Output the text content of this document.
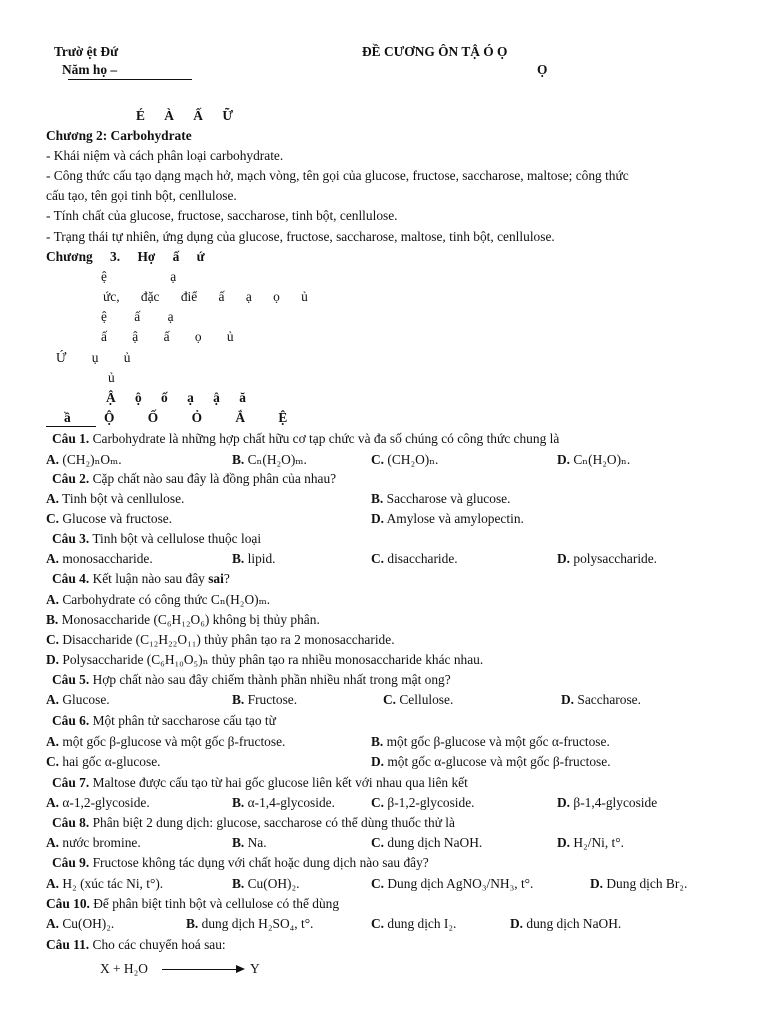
Trườ ệt Đứ
Năm họ –
ĐỀ CƯƠNG ÔN TẬ Ó Ọ
Ọ
É À Ấ Ữ
Chương 2: Carbohydrate
- Khái niệm và cách phân loại carbohydrate.
- Công thức cấu tạo dạng mạch hở, mạch vòng, tên gọi của glucose, fructose, saccharose, maltose; công thức
cấu tạo, tên gọi tinh bột, cenllulose.
- Tính chất của glucose, fructose, saccharose, tinh bột, cenllulose.
- Trạng thái tự nhiên, ứng dụng của glucose, fructose, saccharose, maltose, tinh bột, cenllulose.
Chương 3. Hợ ấ ứ
ệ ạ
ức, đặc điể ấ ạ ọ ủ
ệ ấ ạ
ấ ậ ấ ọ ủ
Ứ ụ ủ
ủ
Ậ ộ ố ạ ậ ă
ầ Ộ Ố Ỏ Ắ Ệ
Câu 1. Carbohydrate là những hợp chất hữu cơ tạp chức và đa số chúng có công thức chung là
A. (CH₂)ₙOₘ.	B. Cₙ(H₂O)ₘ.	C. (CH₂O)ₙ.	D. Cₙ(H₂O)ₙ.
Câu 2. Cặp chất nào sau đây là đồng phân của nhau?
A. Tinh bột và cenllulose.	B. Saccharose và glucose.
C. Glucose và fructose.	D. Amylose và amylopectin.
Câu 3. Tinh bột và cellulose thuộc loại
A. monosaccharide.	B. lipid.	C. disaccharide.	D. polysaccharide.
Câu 4. Kết luận nào sau đây sai?
A. Carbohydrate có công thức Cₙ(H₂O)ₘ.
B. Monosaccharide (C₆H₁₂O₆) không bị thủy phân.
C. Disaccharide (C₁₂H₂₂O₁₁) thủy phân tạo ra 2 monosaccharide.
D. Polysaccharide (C₆H₁₀O₅)ₙ thủy phân tạo ra nhiều monosaccharide khác nhau.
Câu 5. Hợp chất nào sau đây chiếm thành phần nhiều nhất trong mật ong?
A. Glucose.	B. Fructose.	C. Cellulose.	D. Saccharose.
Câu 6. Một phân tử saccharose cấu tạo từ
A. một gốc β-glucose và một gốc β-fructose.	B. một gốc β-glucose và một gốc α-fructose.
C. hai gốc α-glucose.	D. một gốc α-glucose và một gốc β-fructose.
Câu 7. Maltose được cấu tạo từ hai gốc glucose liên kết với nhau qua liên kết
A. α-1,2-glycoside.	B. α-1,4-glycoside.	C. β-1,2-glycoside.	D. β-1,4-glycoside
Câu 8. Phân biệt 2 dung dịch: glucose, saccharose có thể dùng thuốc thử là
A. nước bromine.	B. Na.	C. dung dịch NaOH.	D. H₂/Ni, t°.
Câu 9. Fructose không tác dụng với chất hoặc dung dịch nào sau đây?
A. H₂ (xúc tác Ni, t°).	B. Cu(OH)₂.	C. Dung dịch AgNO₃/NH₃, t°.	D. Dung dịch Br₂.
Câu 10. Để phân biệt tinh bột và cellulose có thể dùng
A. Cu(OH)₂.	B. dung dịch H₂SO₄, t°.	C. dung dịch I₂.	D. dung dịch NaOH.
Câu 11. Cho các chuyển hoá sau:
X + H₂O	Y
